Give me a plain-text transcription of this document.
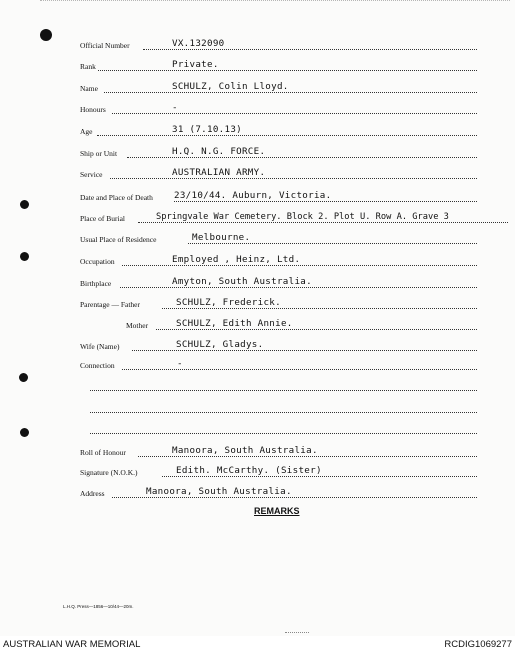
Official Number	VX.132090
Rank	Private.
Name	SCHULZ, Colin Lloyd.
Honours	-
Age	31 (7.10.13)
Ship or Unit	H.Q. N.G. FORCE.
Service	AUSTRALIAN ARMY.
Date and Place of Death 23/10/44. Auburn, Victoria.
Place of Burial	Springvale War Cemetery. Block 2. Plot U. Row A. Grave 3
Usual Place of Residence	Melbourne.
Occupation	Employed , Heinz, Ltd.
Birthplace	Amyton, South Australia.
Parentage — Father	SCHULZ, Frederick.
Mother	SCHULZ, Edith Annie.
Wife (Name)	SCHULZ, Gladys.
Connection	-
Roll of Honour	Manoora, South Australia.
Signature (N.O.K.)	Edith. McCarthy. (Sister)
Address	Manoora, South Australia.
REMARKS
L.H.Q. Press—1856—10/44—20m.
AUSTRALIAN WAR MEMORIAL	RCDIG1069277
